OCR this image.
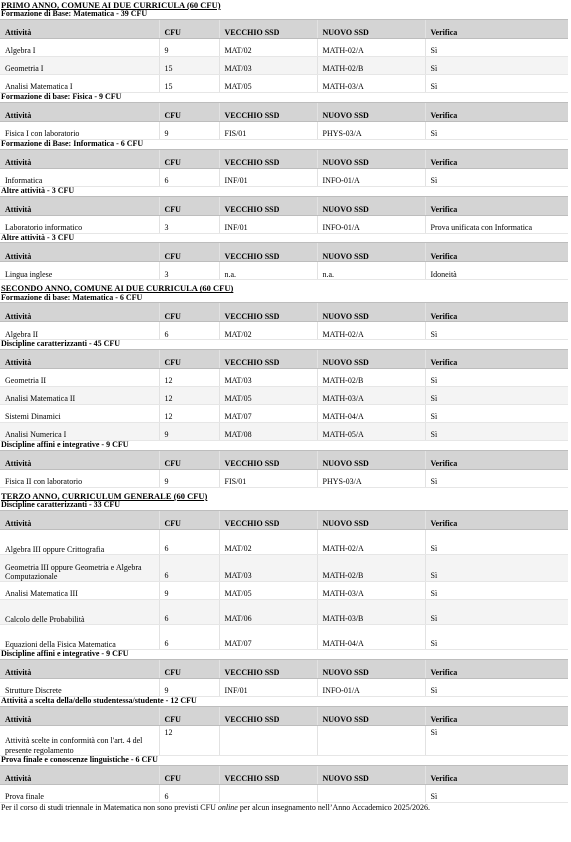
PRIMO ANNO, COMUNE AI DUE CURRICULA (60 CFU)
Formazione di Base: Matematica - 39 CFU
Attività	CFU	VECCHIO SSD	NUOVO SSD	Verifica
Algebra I	9	MAT/02	MATH-02/A	Sì
Geometria I	15	MAT/03	MATH-02/B	Sì
Analisi Matematica I	15	MAT/05	MATH-03/A	Sì
Formazione di base: Fisica - 9 CFU
Attività	CFU	VECCHIO SSD	NUOVO SSD	Verifica
Fisica I con laboratorio	9	FIS/01	PHYS-03/A	Sì
Formazione di Base: Informatica - 6 CFU
Attività	CFU	VECCHIO SSD	NUOVO SSD	Verifica
Informatica	6	INF/01	INFO-01/A	Sì
Altre attività - 3 CFU
Attività	CFU	VECCHIO SSD	NUOVO SSD	Verifica
Laboratorio informatico	3	INF/01	INFO-01/A	Prova unificata con Informatica
Altre attività - 3 CFU
Attività	CFU	VECCHIO SSD	NUOVO SSD	Verifica
Lingua inglese	3	n.a.	n.a.	Idoneità
SECONDO ANNO, COMUNE AI DUE CURRICULA (60 CFU)
Formazione di base: Matematica - 6 CFU
Attività	CFU	VECCHIO SSD	NUOVO SSD	Verifica
Algebra II	6	MAT/02	MATH-02/A	Sì
Discipline caratterizzanti - 45 CFU
Attività	CFU	VECCHIO SSD	NUOVO SSD	Verifica
Geometria II	12	MAT/03	MATH-02/B	Sì
Analisi Matematica II	12	MAT/05	MATH-03/A	Sì
Sistemi Dinamici	12	MAT/07	MATH-04/A	Sì
Analisi Numerica I	9	MAT/08	MATH-05/A	Sì
Discipline affini e integrative - 9 CFU
Attività	CFU	VECCHIO SSD	NUOVO SSD	Verifica
Fisica II con laboratorio	9	FIS/01	PHYS-03/A	Sì
TERZO ANNO, CURRICULUM GENERALE (60 CFU)
Discipline caratterizzanti - 33 CFU
Attività	CFU	VECCHIO SSD	NUOVO SSD	Verifica
Algebra III oppure Crittografia	6	MAT/02	MATH-02/A	Sì
Geometria III oppure Geometria e Algebra Computazionale	6	MAT/03	MATH-02/B	Sì
Analisi Matematica III	9	MAT/05	MATH-03/A	Sì
Calcolo delle Probabilità	6	MAT/06	MATH-03/B	Sì
Equazioni della Fisica Matematica	6	MAT/07	MATH-04/A	Sì
Discipline affini e integrative - 9 CFU
Attività	CFU	VECCHIO SSD	NUOVO SSD	Verifica
Strutture Discrete	9	INF/01	INFO-01/A	Sì
Attività a scelta della/dello studentessa/studente - 12 CFU
Attività	CFU	VECCHIO SSD	NUOVO SSD	Verifica
Attività scelte in conformità con l'art. 4 del presente regolamento	12			Sì
Prova finale e conoscenze linguistiche - 6 CFU
Attività	CFU	VECCHIO SSD	NUOVO SSD	Verifica
Prova finale	6			Sì
Per il corso di studi triennale in Matematica non sono previsti CFU online per alcun insegnamento nell’Anno Accademico 2025/2026.
